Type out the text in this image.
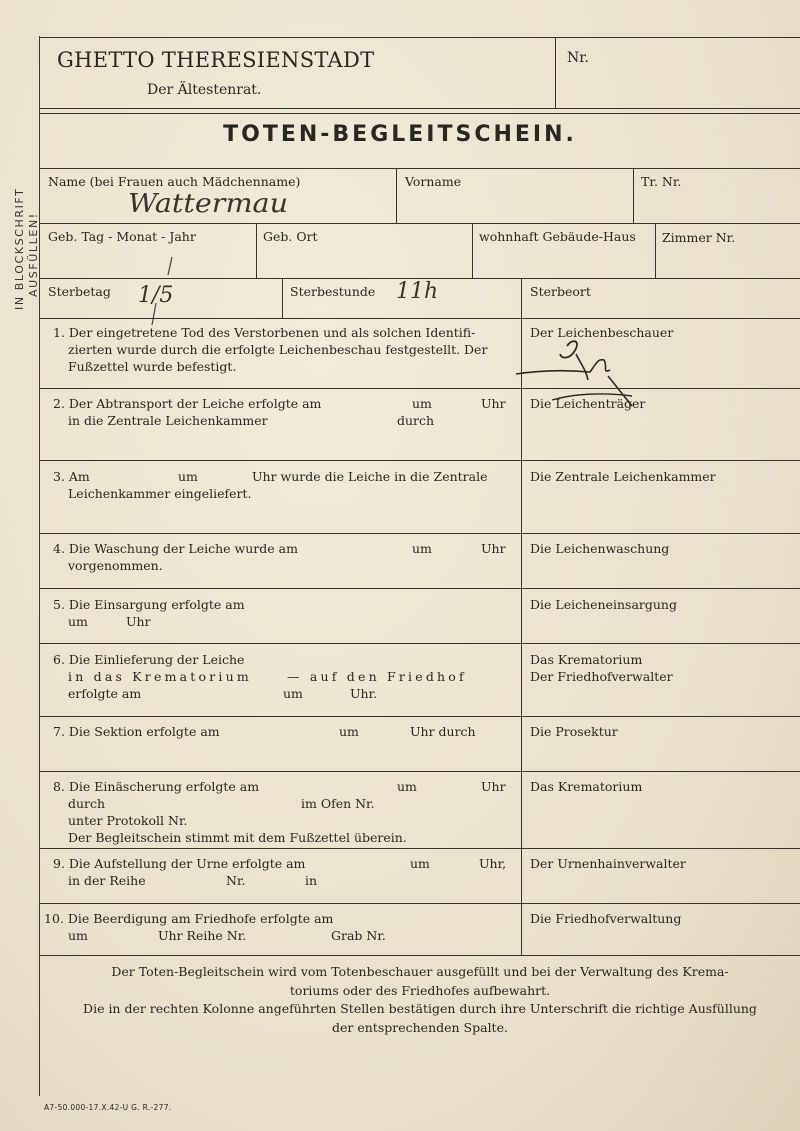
IN BLOCKSCHRIFT AUSFÜLLEN!
GHETTO THERESIENSTADT
Der Ältestenrat.
Nr.
TOTEN-BEGLEITSCHEIN.
Name (bei Frauen auch Mädchenname)	Vorname	Tr. Nr.
Wattermau
Geb. Tag - Monat - Jahr	Geb. Ort	wohnhaft Gebäude-Haus Zimmer Nr.
Sterbetag	Sterbestunde	Sterbeort
1/5	11h
1. Der eingetretene Tod des Verstorbenen und als solchen Identifi-
zierten wurde durch die erfolgte Leichenbeschau festgestellt. Der
Fußzettel wurde befestigt.
Der Leichenbeschauer
2. Der Abtransport der Leiche erfolgte am	um	Uhr
in die Zentrale Leichenkammer	durch
Die Leichenträger
3. Am	um	Uhr wurde die Leiche in die Zentrale
Leichenkammer eingeliefert.
Die Zentrale Leichenkammer
4. Die Waschung der Leiche wurde am	um	Uhr
vorgenommen.
Die Leichenwaschung
5. Die Einsargung erfolgte am
um	Uhr
Die Leicheneinsargung
6. Die Einlieferung der Leiche
in das Krematorium	— auf den Friedhof
erfolgte am	um	Uhr.
Das Krematorium
Der Friedhofverwalter
7. Die Sektion erfolgte am	um	Uhr durch	Die Prosektur
8. Die Einäscherung erfolgte am	um	Uhr
durch	im Ofen Nr.
unter Protokoll Nr.
Der Begleitschein stimmt mit dem Fußzettel überein.
Das Krematorium
9. Die Aufstellung der Urne erfolgte am	um	Uhr,
in der Reihe	Nr.	in
Der Urnenhainverwalter
10. Die Beerdigung am Friedhofe erfolgte am
um	Uhr Reihe Nr.	Grab Nr.
Die Friedhofverwaltung
Der Toten-Begleitschein wird vom Totenbeschauer ausgefüllt und bei der Verwaltung des Krema-
toriums oder des Friedhofes aufbewahrt.
Die in der rechten Kolonne angeführten Stellen bestätigen durch ihre Unterschrift die richtige Ausfüllung
der entsprechenden Spalte.
A7-50.000-17.X.42-U G. R.-277.
